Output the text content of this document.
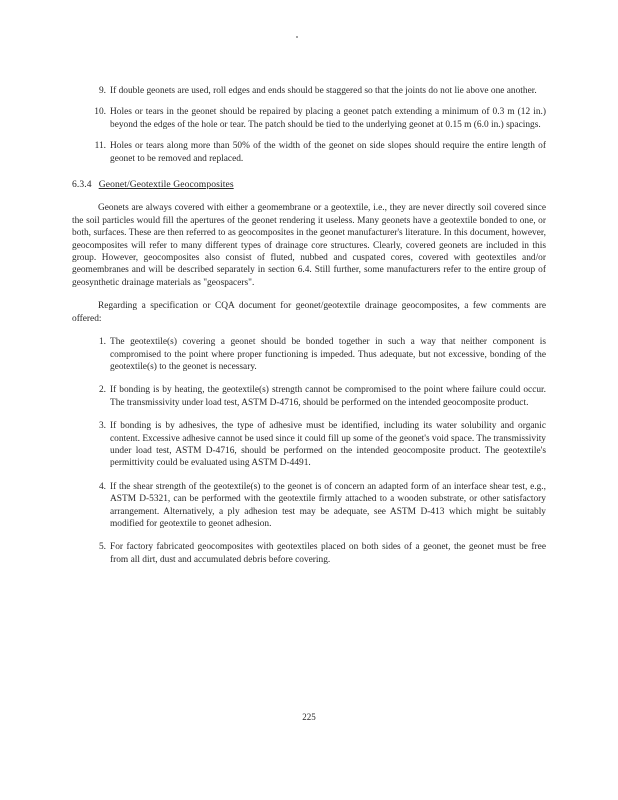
9. If double geonets are used, roll edges and ends should be staggered so that the joints do not lie above one another.
10. Holes or tears in the geonet should be repaired by placing a geonet patch extending a minimum of 0.3 m (12 in.) beyond the edges of the hole or tear. The patch should be tied to the underlying geonet at 0.15 m (6.0 in.) spacings.
11. Holes or tears along more than 50% of the width of the geonet on side slopes should require the entire length of geonet to be removed and replaced.
6.3.4 Geonet/Geotextile Geocomposites

Geonets are always covered with either a geomembrane or a geotextile, i.e., they are never directly soil covered since the soil particles would fill the apertures of the geonet rendering it useless. Many geonets have a geotextile bonded to one, or both, surfaces. These are then referred to as geocomposites in the geonet manufacturer's literature. In this document, however, geocomposites will refer to many different types of drainage core structures. Clearly, covered geonets are included in this group. However, geocomposites also consist of fluted, nubbed and cuspated cores, covered with geotextiles and/or geomembranes and will be described separately in section 6.4. Still further, some manufacturers refer to the entire group of geosynthetic drainage materials as "geospacers".

Regarding a specification or CQA document for geonet/geotextile drainage geocomposites, a few comments are offered:

1. The geotextile(s) covering a geonet should be bonded together in such a way that neither component is compromised to the point where proper functioning is impeded. Thus adequate, but not excessive, bonding of the geotextile(s) to the geonet is necessary.
2. If bonding is by heating, the geotextile(s) strength cannot be compromised to the point where failure could occur. The transmissivity under load test, ASTM D-4716, should be performed on the intended geocomposite product.
3. If bonding is by adhesives, the type of adhesive must be identified, including its water solubility and organic content. Excessive adhesive cannot be used since it could fill up some of the geonet's void space. The transmissivity under load test, ASTM D-4716, should be performed on the intended geocomposite product. The geotextile's permittivity could be evaluated using ASTM D-4491.
4. If the shear strength of the geotextile(s) to the geonet is of concern an adapted form of an interface shear test, e.g., ASTM D-5321, can be performed with the geotextile firmly attached to a wooden substrate, or other satisfactory arrangement. Alternatively, a ply adhesion test may be adequate, see ASTM D-413 which might be suitably modified for geotextile to geonet adhesion.
5. For factory fabricated geocomposites with geotextiles placed on both sides of a geonet, the geonet must be free from all dirt, dust and accumulated debris before covering.
225
